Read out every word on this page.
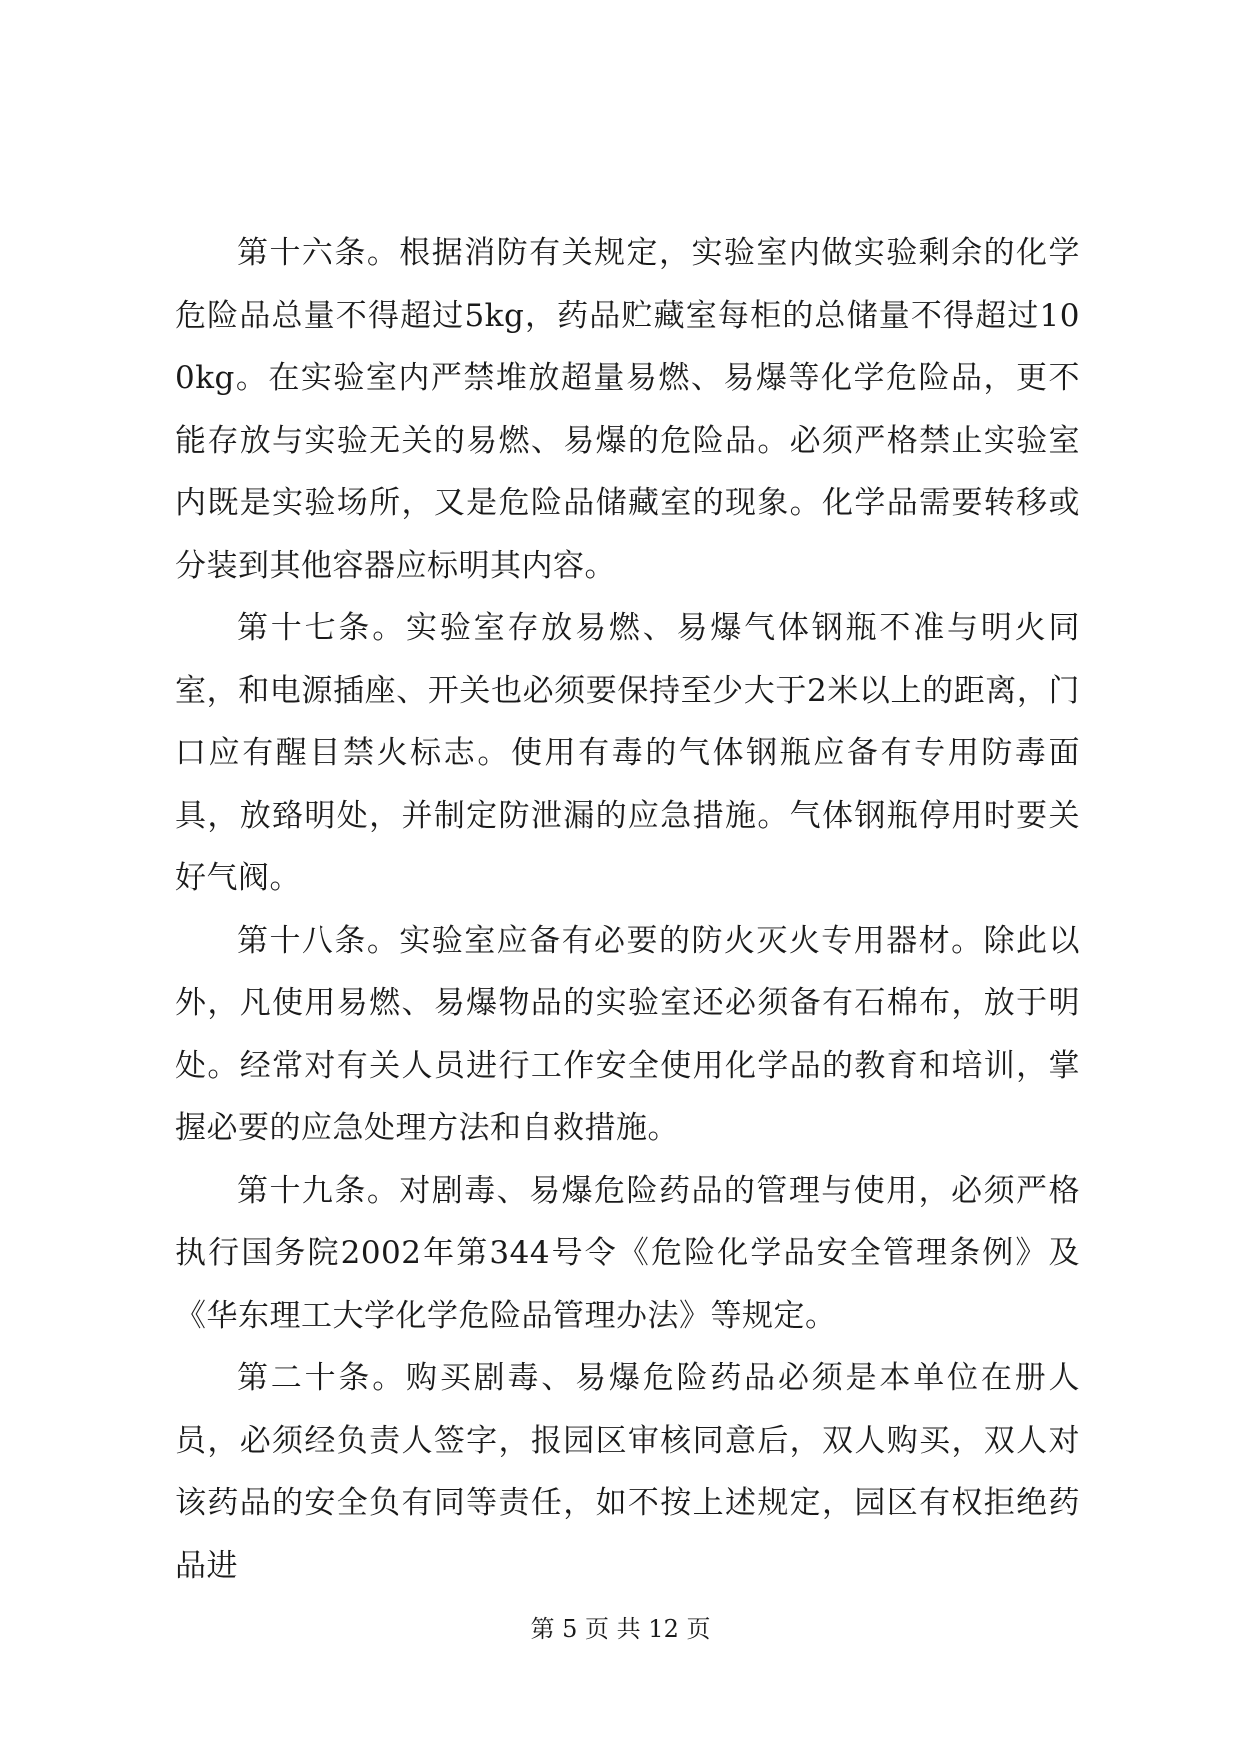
第十六条。根据消防有关规定，实验室内做实验剩余的化学危险品总量不得超过5kg，药品贮藏室每柜的总储量不得超过100kg。在实验室内严禁堆放超量易燃、易爆等化学危险品，更不能存放与实验无关的易燃、易爆的危险品。必须严格禁止实验室内既是实验场所，又是危险品储藏室的现象。化学品需要转移或分装到其他容器应标明其内容。

第十七条。实验室存放易燃、易爆气体钢瓶不准与明火同室，和电源插座、开关也必须要保持至少大于2米以上的距离，门口应有醒目禁火标志。使用有毒的气体钢瓶应备有专用防毒面具，放臵明处，并制定防泄漏的应急措施。气体钢瓶停用时要关好气阀。

第十八条。实验室应备有必要的防火灭火专用器材。除此以外，凡使用易燃、易爆物品的实验室还必须备有石棉布，放于明处。经常对有关人员进行工作安全使用化学品的教育和培训，掌握必要的应急处理方法和自救措施。

第十九条。对剧毒、易爆危险药品的管理与使用，必须严格执行国务院2002年第344号令《危险化学品安全管理条例》及《华东理工大学化学危险品管理办法》等规定。

第二十条。购买剧毒、易爆危险药品必须是本单位在册人员，必须经负责人签字，报园区审核同意后，双人购买，双人对该药品的安全负有同等责任，如不按上述规定，园区有权拒绝药品进

第 5 页 共 12 页
